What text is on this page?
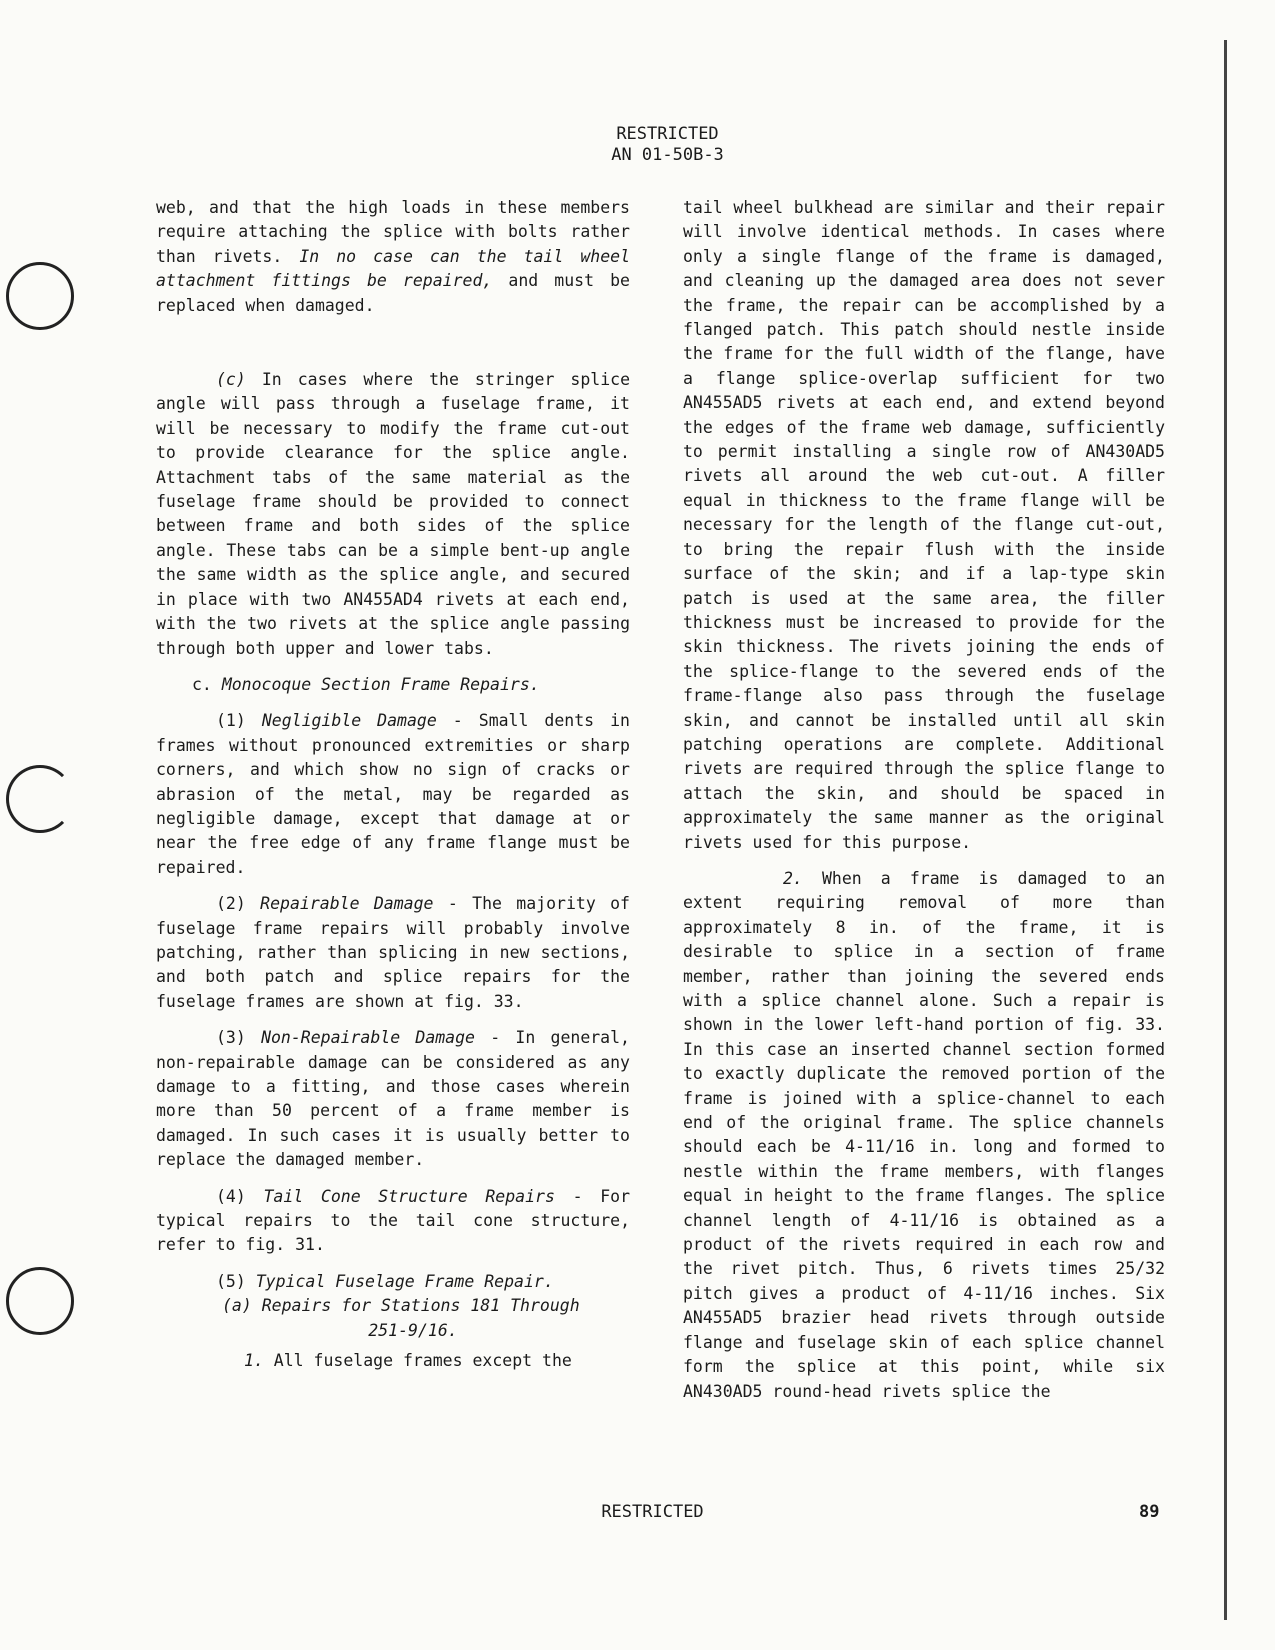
RESTRICTED
AN 01-50B-3

web, and that the high loads in these members require attaching the splice with bolts rather than rivets. In no case can the tail wheel attachment fittings be repaired, and must be replaced when damaged.

(c) In cases where the stringer splice angle will pass through a fuselage frame, it will be necessary to modify the frame cut-out to provide clearance for the splice angle. Attachment tabs of the same material as the fuselage frame should be provided to connect between frame and both sides of the splice angle. These tabs can be a simple bent-up angle the same width as the splice angle, and secured in place with two AN455AD4 rivets at each end, with the two rivets at the splice angle passing through both upper and lower tabs.

c. Monocoque Section Frame Repairs.

(1) Negligible Damage - Small dents in frames without pronounced extremities or sharp corners, and which show no sign of cracks or abrasion of the metal, may be regarded as negligible damage, except that damage at or near the free edge of any frame flange must be repaired.

(2) Repairable Damage - The majority of fuselage frame repairs will probably involve patching, rather than splicing in new sections, and both patch and splice repairs for the fuselage frames are shown at fig. 33.

(3) Non-Repairable Damage - In general, non-repairable damage can be considered as any damage to a fitting, and those cases wherein more than 50 percent of a frame member is damaged. In such cases it is usually better to replace the damaged member.

(4) Tail Cone Structure Repairs - For typical repairs to the tail cone structure, refer to fig. 31.

(5) Typical Fuselage Frame Repair.

(a) Repairs for Stations 181 Through

251-9/16.

1. All fuselage frames except the

tail wheel bulkhead are similar and their repair will involve identical methods. In cases where only a single flange of the frame is damaged, and cleaning up the damaged area does not sever the frame, the repair can be accomplished by a flanged patch. This patch should nestle inside the frame for the full width of the flange, have a flange splice-overlap sufficient for two AN455AD5 rivets at each end, and extend beyond the edges of the frame web damage, sufficiently to permit installing a single row of AN430AD5 rivets all around the web cut-out. A filler equal in thickness to the frame flange will be necessary for the length of the flange cut-out, to bring the repair flush with the inside surface of the skin; and if a lap-type skin patch is used at the same area, the filler thickness must be increased to provide for the skin thickness. The rivets joining the ends of the splice-flange to the severed ends of the frame-flange also pass through the fuselage skin, and cannot be installed until all skin patching operations are complete. Additional rivets are required through the splice flange to attach the skin, and should be spaced in approximately the same manner as the original rivets used for this purpose.

2. When a frame is damaged to an extent requiring removal of more than approximately 8 in. of the frame, it is desirable to splice in a section of frame member, rather than joining the severed ends with a splice channel alone. Such a repair is shown in the lower left-hand portion of fig. 33. In this case an inserted channel section formed to exactly duplicate the removed portion of the frame is joined with a splice-channel to each end of the original frame. The splice channels should each be 4-11/16 in. long and formed to nestle within the frame members, with flanges equal in height to the frame flanges. The splice channel length of 4-11/16 is obtained as a product of the rivets required in each row and the rivet pitch. Thus, 6 rivets times 25/32 pitch gives a product of 4-11/16 inches. Six AN455AD5 brazier head rivets through outside flange and fuselage skin of each splice channel form the splice at this point, while six AN430AD5 round-head rivets splice the

RESTRICTED	89
